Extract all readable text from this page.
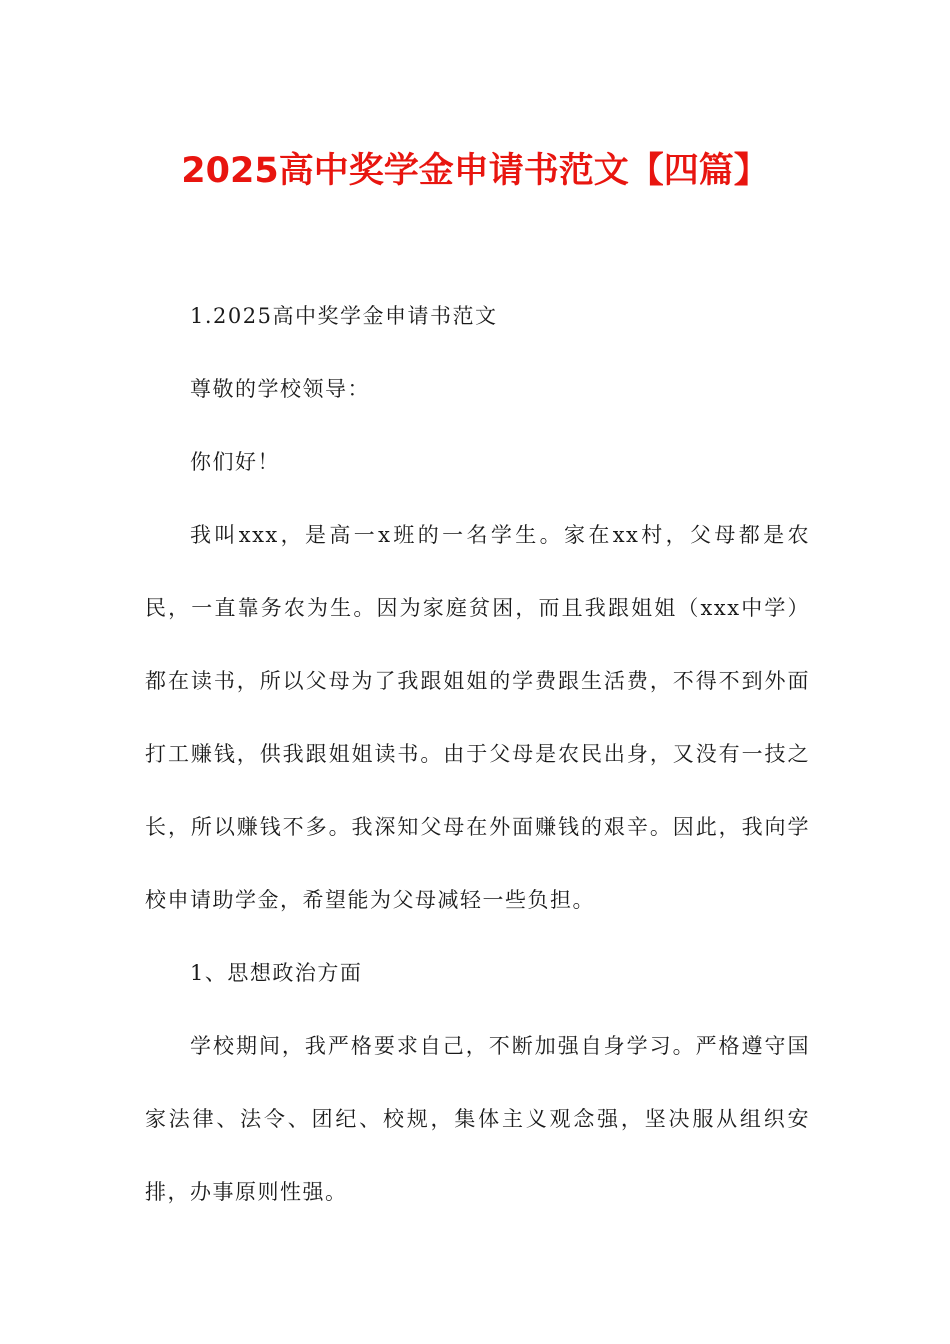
2025高中奖学金申请书范文【四篇】

1.2025高中奖学金申请书范文

尊敬的学校领导：

你们好！

我叫xxx，是高一x班的一名学生。家在xx村，父母都是农民，一直靠务农为生。因为家庭贫困，而且我跟姐姐（xxx中学）都在读书，所以父母为了我跟姐姐的学费跟生活费，不得不到外面打工赚钱，供我跟姐姐读书。由于父母是农民出身，又没有一技之长，所以赚钱不多。我深知父母在外面赚钱的艰辛。因此，我向学校申请助学金，希望能为父母减轻一些负担。

1、思想政治方面

学校期间，我严格要求自己，不断加强自身学习。严格遵守国家法律、法令、团纪、校规，集体主义观念强，坚决服从组织安排，办事原则性强。
